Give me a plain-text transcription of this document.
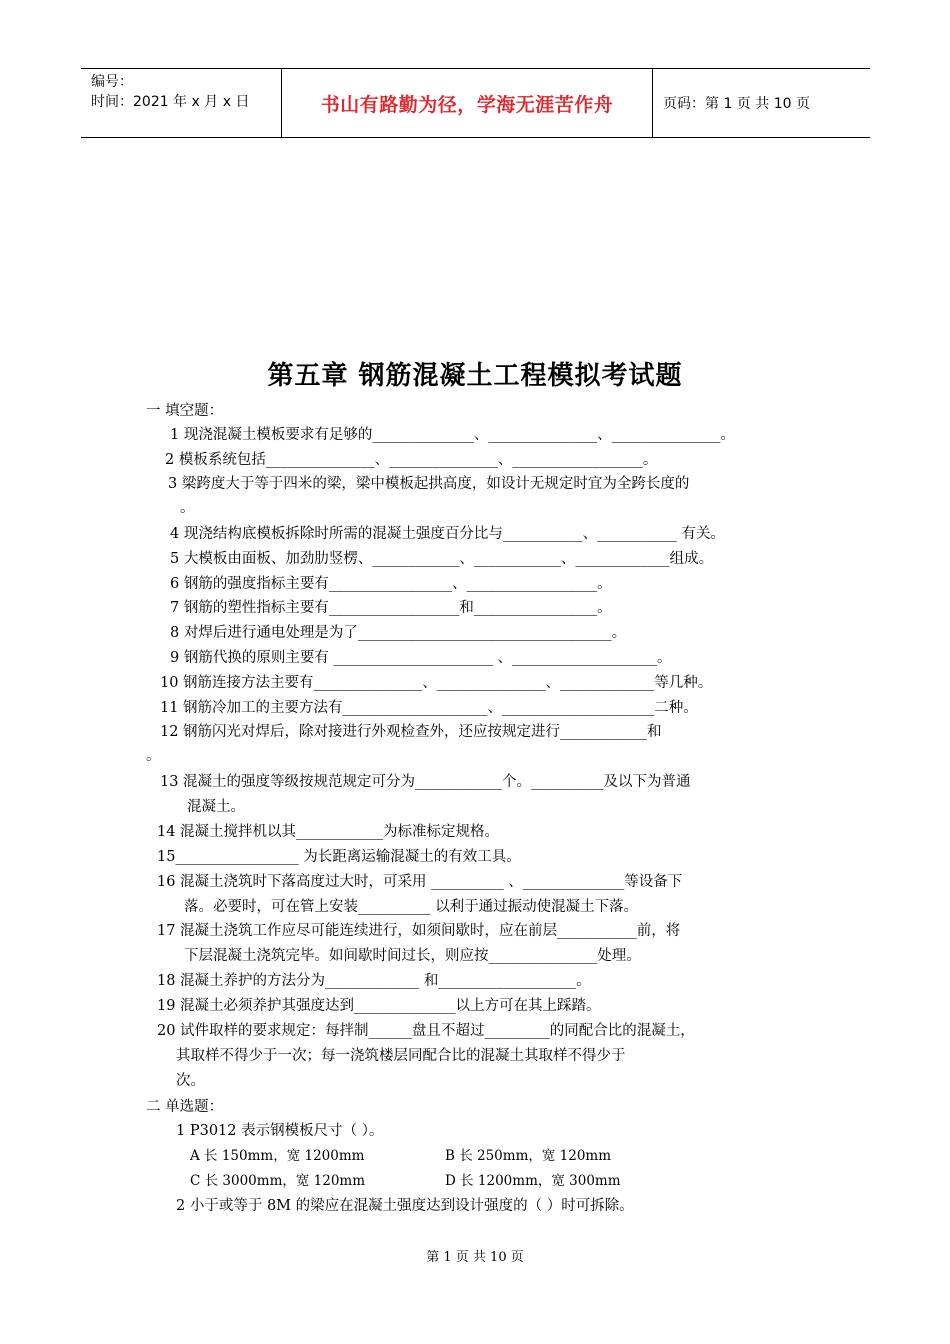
编号：
时间：2021 年 x 月 x 日	书山有路勤为径，学海无涯苦作舟	页码：第 1 页 共 10 页
第五章 钢筋混凝土工程模拟考试题
一 填空题：
1 现浇混凝土模板要求有足够的______________、_______________、_______________。
2 模板系统包括_______________、_______________、__________________。
3 梁跨度大于等于四米的梁，梁中模板起拱高度，如设计无规定时宜为全跨长度的
。
4 现浇结构底模板拆除时所需的混凝土强度百分比与___________、___________ 有关。
5 大模板由面板、加劲肋竖楞、____________、____________、_____________组成。
6 钢筋的强度指标主要有_________________、__________________。
7 钢筋的塑性指标主要有__________________和_________________。
8 对焊后进行通电处理是为了___________________________________。
9 钢筋代换的原则主要有 ______________________ 、____________________。
10 钢筋连接方法主要有_______________、_______________、_____________等几种。
11 钢筋冷加工的主要方法有____________________、_____________________二种。
12 钢筋闪光对焊后，除对接进行外观检查外，还应按规定进行____________和
。
13 混凝土的强度等级按规范规定可分为____________个。__________及以下为普通
混凝土。
14 混凝土搅拌机以其____________为标准标定规格。
15_________________ 为长距离运输混凝土的有效工具。
16 混凝土浇筑时下落高度过大时，可采用 __________ 、______________等设备下
落。必要时，可在管上安装__________ 以利于通过振动使混凝土下落。
17 混凝土浇筑工作应尽可能连续进行，如须间歇时，应在前层___________前，将
下层混凝土浇筑完毕。如间歇时间过长，则应按_______________处理。
18 混凝土养护的方法分为_____________ 和___________________。
19 混凝土必须养护其强度达到______________以上方可在其上踩踏。
20 试件取样的要求规定：每拌制______盘且不超过_________的同配合比的混凝土，
其取样不得少于一次；每一浇筑楼层同配合比的混凝土其取样不得少于
次。
二 单选题：
1 P3012 表示钢模板尺寸（ ）。
A 长 150mm，宽 1200mm	B 长 250mm，宽 120mm
C 长 3000mm，宽 120mm	D 长 1200mm，宽 300mm
2 小于或等于 8M 的梁应在混凝土强度达到设计强度的（ ）时可拆除。
第 1 页 共 10 页
